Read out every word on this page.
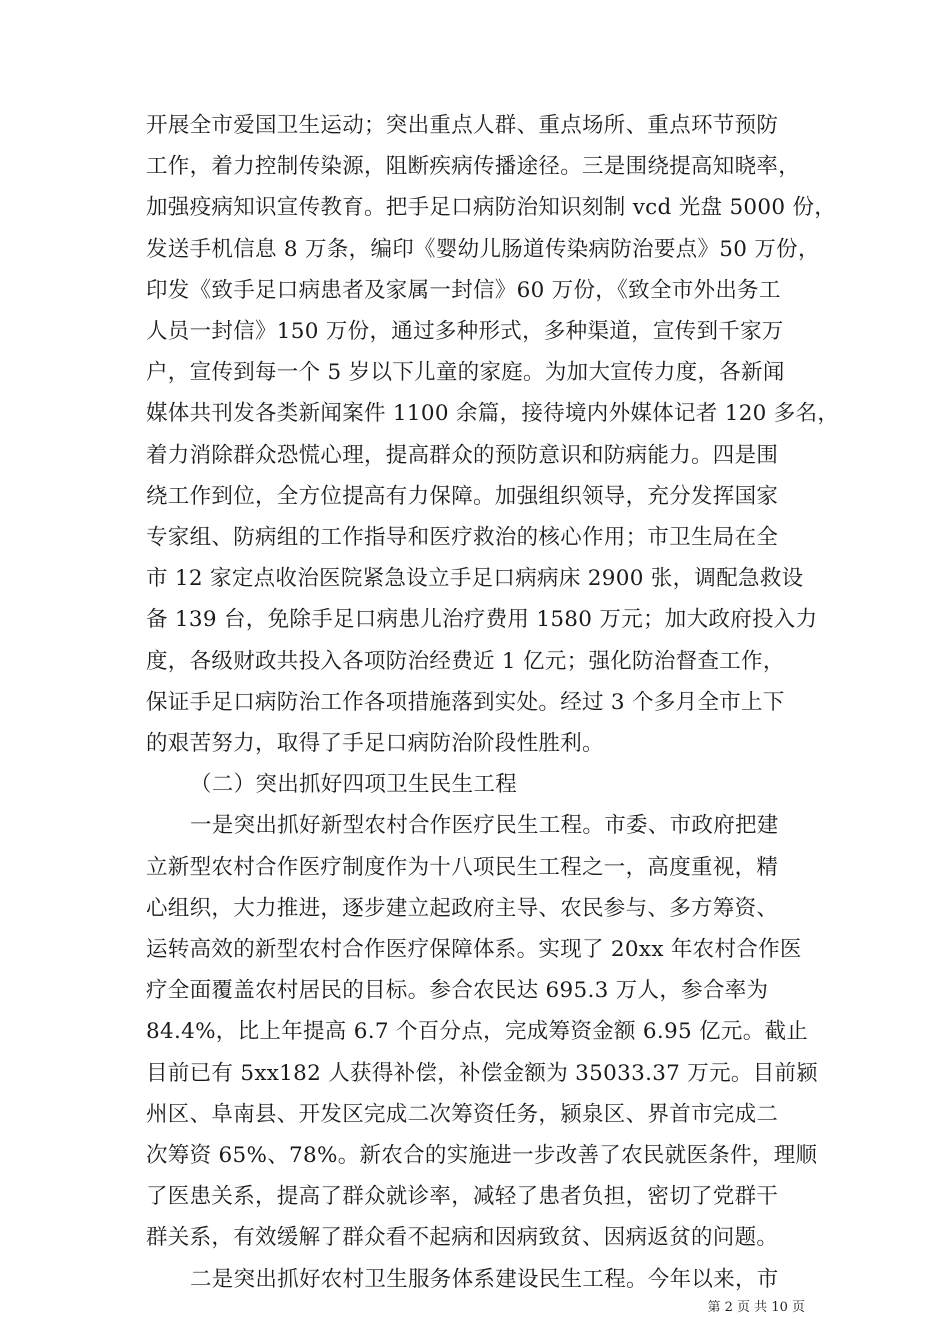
开展全市爱国卫生运动；突出重点人群、重点场所、重点环节预防
工作，着力控制传染源，阻断疾病传播途径。三是围绕提高知晓率，
加强疫病知识宣传教育。把手足口病防治知识刻制 vcd 光盘 5000 份，
发送手机信息 8 万条，编印《婴幼儿肠道传染病防治要点》50 万份，
印发《致手足口病患者及家属一封信》60 万份，《致全市外出务工
人员一封信》150 万份，通过多种形式，多种渠道，宣传到千家万
户，宣传到每一个 5 岁以下儿童的家庭。为加大宣传力度，各新闻
媒体共刊发各类新闻案件 1100 余篇，接待境内外媒体记者 120 多名，
着力消除群众恐慌心理，提高群众的预防意识和防病能力。四是围
绕工作到位，全方位提高有力保障。加强组织领导，充分发挥国家
专家组、防病组的工作指导和医疗救治的核心作用；市卫生局在全
市 12 家定点收治医院紧急设立手足口病病床 2900 张，调配急救设
备 139 台，免除手足口病患儿治疗费用 1580 万元；加大政府投入力
度，各级财政共投入各项防治经费近 1 亿元；强化防治督查工作，
保证手足口病防治工作各项措施落到实处。经过 3 个多月全市上下
的艰苦努力，取得了手足口病防治阶段性胜利。
（二）突出抓好四项卫生民生工程
一是突出抓好新型农村合作医疗民生工程。市委、市政府把建
立新型农村合作医疗制度作为十八项民生工程之一，高度重视，精
心组织，大力推进，逐步建立起政府主导、农民参与、多方筹资、
运转高效的新型农村合作医疗保障体系。实现了 20xx 年农村合作医
疗全面覆盖农村居民的目标。参合农民达 695.3 万人，参合率为
84.4%，比上年提高 6.7 个百分点，完成筹资金额 6.95 亿元。截止
目前已有 5xx182 人获得补偿，补偿金额为 35033.37 万元。目前颍
州区、阜南县、开发区完成二次筹资任务，颍泉区、界首市完成二
次筹资 65%、78%。新农合的实施进一步改善了农民就医条件，理顺
了医患关系，提高了群众就诊率，减轻了患者负担，密切了党群干
群关系，有效缓解了群众看不起病和因病致贫、因病返贫的问题。
二是突出抓好农村卫生服务体系建设民生工程。今年以来，市
第 2 页 共 10 页
